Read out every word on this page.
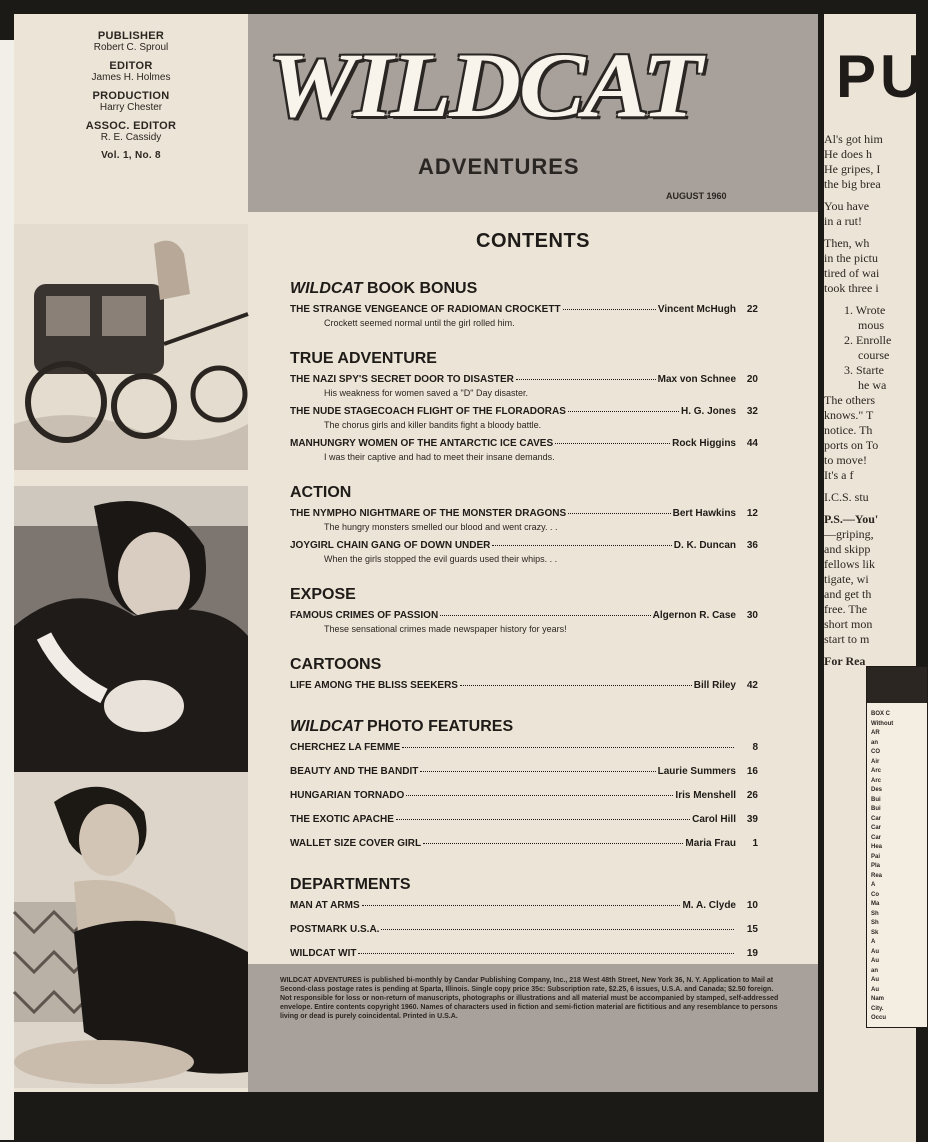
PUBLISHER
Robert C. Sproul
EDITOR
James H. Holmes
PRODUCTION
Harry Chester
ASSOC. EDITOR
R. E. Cassidy
Vol. 1, No. 8
WILDCAT
ADVENTURES
AUGUST 1960
CONTENTS
WILDCAT BOOK BONUS
THE STRANGE VENGEANCE OF RADIOMAN CROCKETT	Vincent McHugh	22
Crockett seemed normal until the girl rolled him.
TRUE ADVENTURE
THE NAZI SPY'S SECRET DOOR TO DISASTER	Max von Schnee	20
His weakness for women saved a "D" Day disaster.
THE NUDE STAGECOACH FLIGHT OF THE FLORADORAS	H. G. Jones	32
The chorus girls and killer bandits fight a bloody battle.
MANHUNGRY WOMEN OF THE ANTARCTIC ICE CAVES	Rock Higgins	44
I was their captive and had to meet their insane demands.
ACTION
THE NYMPHO NIGHTMARE OF THE MONSTER DRAGONS	Bert Hawkins	12
The hungry monsters smelled our blood and went crazy. . .
JOYGIRL CHAIN GANG OF DOWN UNDER	D. K. Duncan	36
When the girls stopped the evil guards used their whips. . .
EXPOSE
FAMOUS CRIMES OF PASSION	Algernon R. Case	30
These sensational crimes made newspaper history for years!
CARTOONS
LIFE AMONG THE BLISS SEEKERS	Bill Riley	42
WILDCAT PHOTO FEATURES
CHERCHEZ LA FEMME	8
BEAUTY AND THE BANDIT	Laurie Summers	16
HUNGARIAN TORNADO	Iris Menshell	26
THE EXOTIC APACHE	Carol Hill	39
WALLET SIZE COVER GIRL	Maria Frau	1
DEPARTMENTS
MAN AT ARMS	M. A. Clyde	10
POSTMARK U.S.A.	15
WILDCAT WIT	19
WILDCAT ADVENTURES is published bi-monthly by Candar Publishing Company, Inc., 218 West 48th Street, New York 36, N. Y. Application to Mail at Second-class postage rates is pending at Sparta, Illinois. Single copy price 35c: Subscription rate, $2.25, 6 issues, U.S.A. and Canada; $2.50 foreign. Not responsible for loss or non-return of manuscripts, photographs or illustrations and all material must be accompanied by stamped, self-addressed envelope. Entire contents copyright 1960. Names of characters used in fiction and semi-fiction material are fictitious and any resemblance to persons living or dead is purely coincidental. Printed in U.S.A.
PU
Al's got him
He does h
He gripes, I
the big brea
You have
in a rut!
Then, wh
in the pictu
tired of wai
took three i
1. Wrote
mous
2. Enrolle
course
3. Starte
he wa
The others
knows." T
notice. Th
ports on To
to move!
It's a f
I.C.S. stu
P.S.—You'
—griping,
and skipp
fellows lik
tigate, wi
and get th
free. The
short mon
start to m
For Rea
BOX C
Without
AR
an
CO
Air
Arc
Arc
Des
Bui
Bui
Car
Car
Car
Hea
Pai
Pla
Rea
A
Co
Ma
Sh
Sh
Sk
A
Au
Au
an
Au
Au
Nam
City.
Occu
